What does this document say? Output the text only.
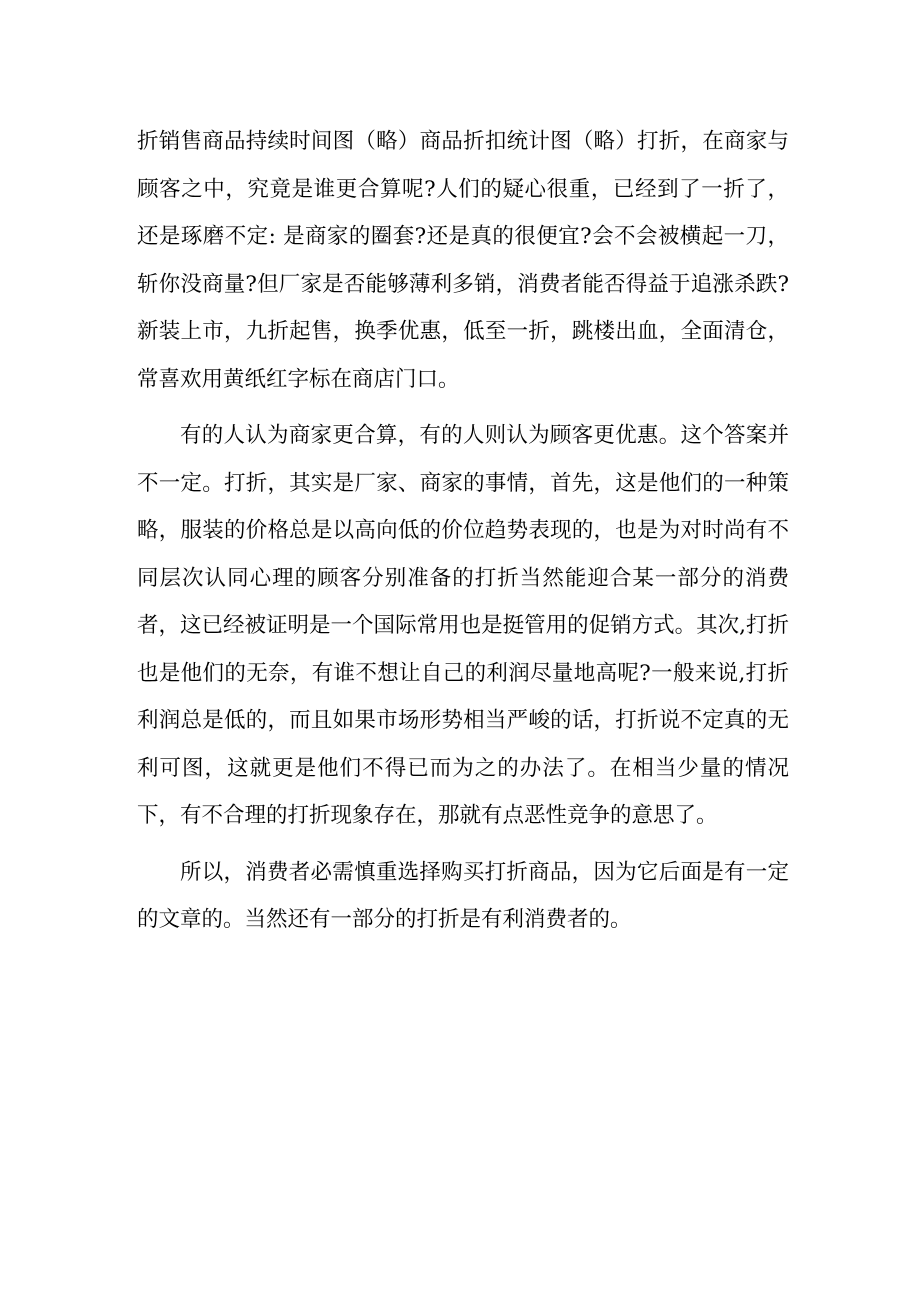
折销售商品持续时间图（略）商品折扣统计图（略）打折，在商家与顾客之中，究竟是谁更合算呢?人们的疑心很重，已经到了一折了，还是琢磨不定: 是商家的圈套?还是真的很便宜?会不会被横起一刀，斩你没商量?但厂家是否能够薄利多销，消费者能否得益于追涨杀跌?新装上市，九折起售，换季优惠，低至一折，跳楼出血，全面清仓，常喜欢用黄纸红字标在商店门口。

有的人认为商家更合算，有的人则认为顾客更优惠。这个答案并不一定。打折，其实是厂家、商家的事情，首先，这是他们的一种策略，服装的价格总是以高向低的价位趋势表现的，也是为对时尚有不同层次认同心理的顾客分别准备的打折当然能迎合某一部分的消费者，这已经被证明是一个国际常用也是挺管用的促销方式。其次,打折也是他们的无奈，有谁不想让自己的利润尽量地高呢?一般来说,打折利润总是低的，而且如果市场形势相当严峻的话，打折说不定真的无利可图，这就更是他们不得已而为之的办法了。在相当少量的情况下，有不合理的打折现象存在，那就有点恶性竞争的意思了。

所以，消费者必需慎重选择购买打折商品，因为它后面是有一定的文章的。当然还有一部分的打折是有利消费者的。
